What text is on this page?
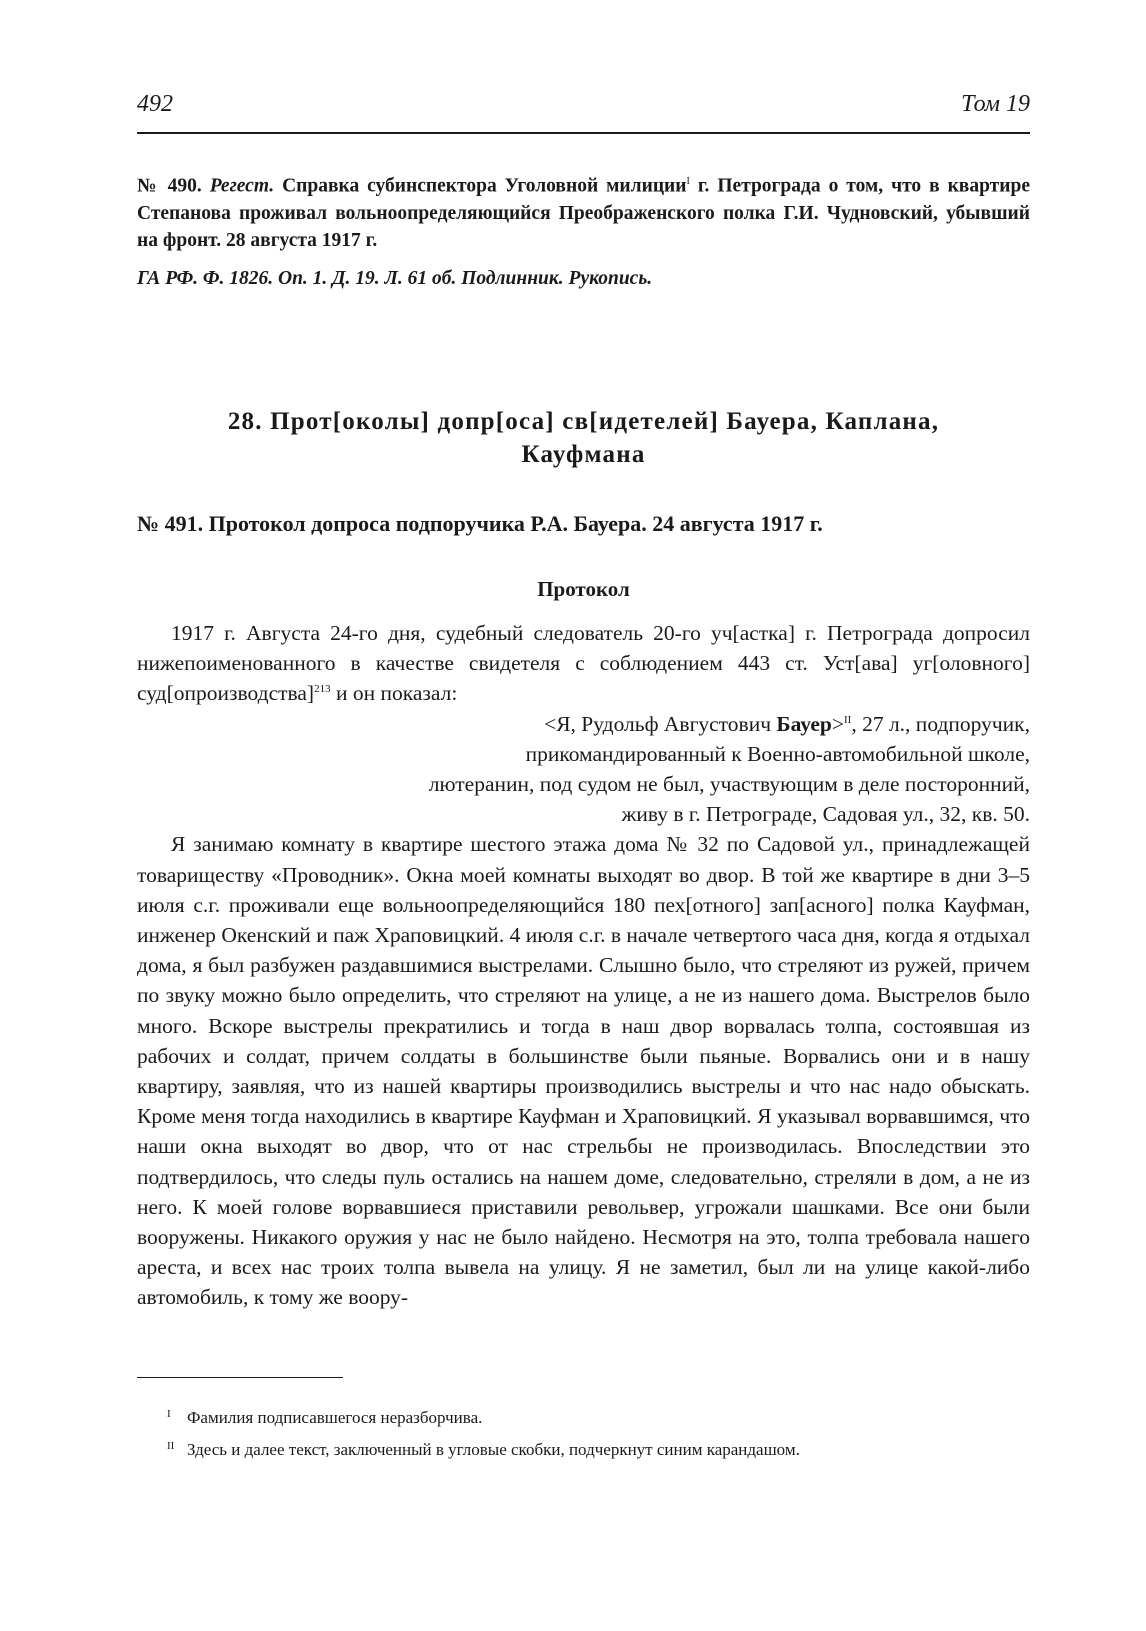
492	Том 19
№ 490. Регест. Справка субинспектора Уголовной милиции$^I$ г. Петрограда о том, что в квартире Степанова проживал вольноопределяющийся Преображенского полка Г.И. Чудновский, убывший на фронт. 28 августа 1917 г.
ГА РФ. Ф. 1826. Оп. 1. Д. 19. Л. 61 об. Подлинник. Рукопись.
28. Прот[околы] допр[оса] св[идетелей] Бауера, Каплана,
Кауфмана
№ 491. Протокол допроса подпоручика Р.А. Бауера. 24 августа 1917 г.
Протокол

1917 г. Августа 24-го дня, судебный следователь 20-го уч[астка] г. Петрограда допросил нижепоименованного в качестве свидетеля с соблюдением 443 ст. Уст[ава] уг[оловного] суд[опроизводства]$^{213}$ и он показал:

<Я, Рудольф Августович Бауер>$^{II}$, 27 л., подпоручик,
прикомандированный к Военно-автомобильной школе,
лютеранин, под судом не был, участвующим в деле посторонний,
живу в г. Петрограде, Садовая ул., 32, кв. 50.

Я занимаю комнату в квартире шестого этажа дома № 32 по Садовой ул., принадлежащей товариществу «Проводник». Окна моей комнаты выходят во двор. В той же квартире в дни 3–5 июля с.г. проживали еще вольноопределяющийся 180 пех[отного] зап[асного] полка Кауфман, инженер Окенский и паж Храповицкий. 4 июля с.г. в начале четвертого часа дня, когда я отдыхал дома, я был разбужен раздавшимися выстрелами. Слышно было, что стреляют из ружей, причем по звуку можно было определить, что стреляют на улице, а не из нашего дома. Выстрелов было много. Вскоре выстрелы прекратились и тогда в наш двор ворвалась толпа, состоявшая из рабочих и солдат, причем солдаты в большинстве были пьяные. Ворвались они и в нашу квартиру, заявляя, что из нашей квартиры производились выстрелы и что нас надо обыскать. Кроме меня тогда находились в квартире Кауфман и Храповицкий. Я указывал ворвавшимся, что наши окна выходят во двор, что от нас стрельбы не производилась. Впоследствии это подтвердилось, что следы пуль остались на нашем доме, следовательно, стреляли в дом, а не из него. К моей голове ворвавшиеся приставили револьвер, угрожали шашками. Все они были вооружены. Никакого оружия у нас не было найдено. Несмотря на это, толпа требовала нашего ареста, и всех нас троих толпа вывела на улицу. Я не заметил, был ли на улице какой-либо автомобиль, к тому же воору-

I Фамилия подписавшегося неразборчива.
II Здесь и далее текст, заключенный в угловые скобки, подчеркнут синим карандашом.
